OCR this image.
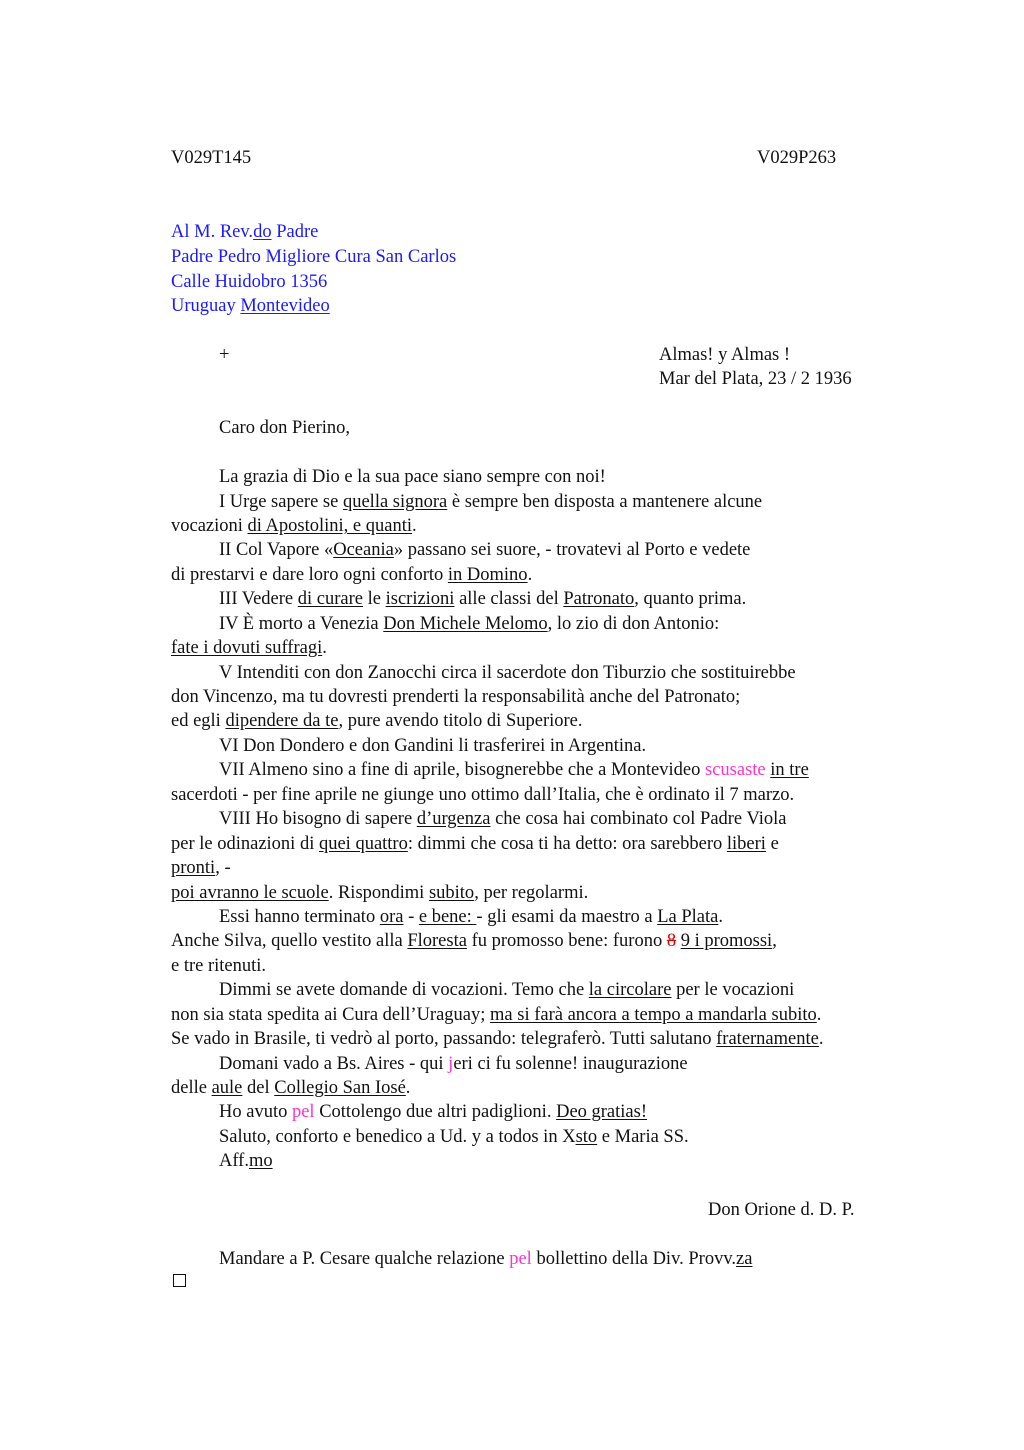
V029T145	V029P263
Al M. Rev.do Padre
Padre Pedro Migliore Cura San Carlos
Calle Huidobro 1356
Uruguay Montevideo
+	Almas! y Almas !
Mar del Plata, 23 / 2 1936
Caro don Pierino,
La grazia di Dio e la sua pace siano sempre con noi!
I Urge sapere se quella signora è sempre ben disposta a mantenere alcune
vocazioni di Apostolini, e quanti.
II Col Vapore «Oceania» passano sei suore, - trovatevi al Porto e vedete
di prestarvi e dare loro ogni conforto in Domino.
III Vedere di curare le iscrizioni alle classi del Patronato, quanto prima.
IV È morto a Venezia Don Michele Melomo, lo zio di don Antonio:
fate i dovuti suffragi.
V Intenditi con don Zanocchi circa il sacerdote don Tiburzio che sostituirebbe
don Vincenzo, ma tu dovresti prenderti la responsabilità anche del Patronato;
ed egli dipendere da te, pure avendo titolo di Superiore.
VI Don Dondero e don Gandini li trasferirei in Argentina.
VII Almeno sino a fine di aprile, bisognerebbe che a Montevideo scusaste in tre
sacerdoti - per fine aprile ne giunge uno ottimo dall’Italia, che è ordinato il 7 marzo.
VIII Ho bisogno di sapere d’urgenza che cosa hai combinato col Padre Viola
per le odinazioni di quei quattro: dimmi che cosa ti ha detto: ora sarebbero liberi e
pronti, -
poi avranno le scuole. Rispondimi subito, per regolarmi.
Essi hanno terminato ora - e bene: - gli esami da maestro a La Plata.
Anche Silva, quello vestito alla Floresta fu promosso bene: furono 8 9 i promossi,
e tre ritenuti.
Dimmi se avete domande di vocazioni. Temo che la circolare per le vocazioni
non sia stata spedita ai Cura dell’Uraguay; ma si farà ancora a tempo a mandarla subito.
Se vado in Brasile, ti vedrò al porto, passando: telegraferò. Tutti salutano fraternamente.
Domani vado a Bs. Aires - qui jeri ci fu solenne! inaugurazione
delle aule del Collegio San Iosé.
Ho avuto pel Cottolengo due altri padiglioni. Deo gratias!
Saluto, conforto e benedico a Ud. y a todos in Xsto e Maria SS.
Aff.mo
Don Orione d. D. P.
Mandare a P. Cesare qualche relazione pel bollettino della Div. Provv.za
